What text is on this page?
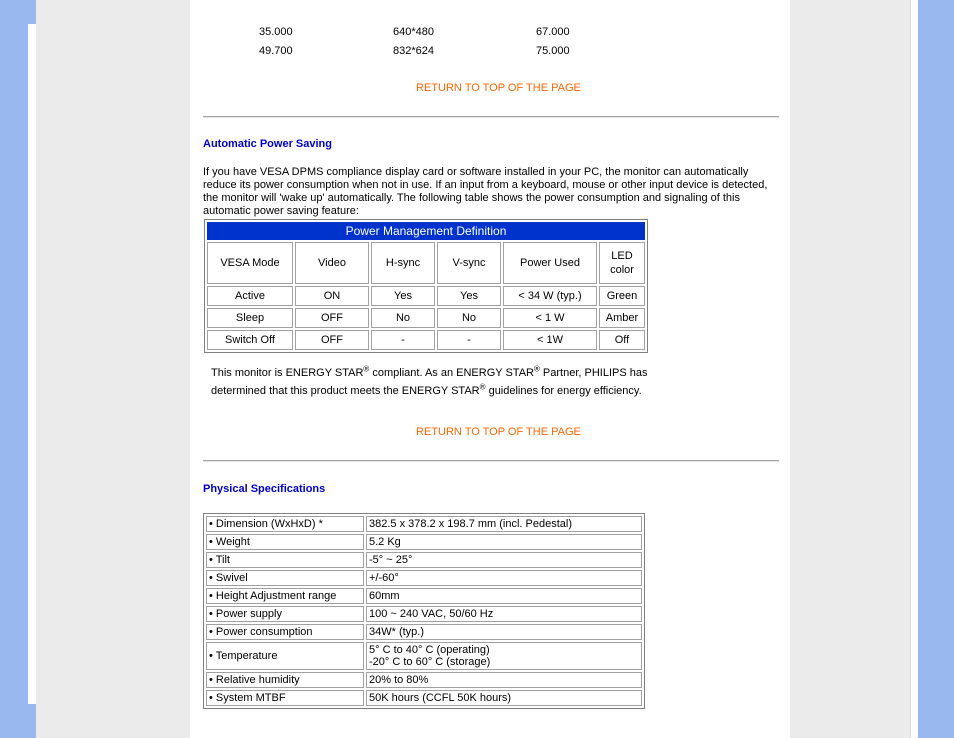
35.000	640*480	67.000
49.700	832*624	75.000
RETURN TO TOP OF THE PAGE
Automatic Power Saving
If you have VESA DPMS compliance display card or software installed in your PC, the monitor can automatically reduce its power consumption when not in use. If an input from a keyboard, mouse or other input device is detected, the monitor will 'wake up' automatically. The following table shows the power consumption and signaling of this automatic power saving feature:
Power Management Definition					
VESA Mode	Video	H-sync	V-sync	Power Used	LED color
Active	ON	Yes	Yes	< 34 W (typ.)	Green
Sleep	OFF	No	No	< 1 W	Amber
Switch Off	OFF	-	-	< 1W	Off
This monitor is ENERGY STAR® compliant. As an ENERGY STAR® Partner, PHILIPS has
determined that this product meets the ENERGY STAR® guidelines for energy efficiency.
RETURN TO TOP OF THE PAGE
Physical Specifications
• Dimension (WxHxD) *	382.5 x 378.2 x 198.7 mm (incl. Pedestal)
• Weight	5.2 Kg
• Tilt	-5° ~ 25°
• Swivel	+/-60°
• Height Adjustment range	60mm
• Power supply	100 ~ 240 VAC, 50/60 Hz
• Power consumption	34W* (typ.)
• Temperature	5° C to 40° C (operating)
-20° C to 60° C (storage)
• Relative humidity	20% to 80%
• System MTBF	50K hours (CCFL 50K hours)
